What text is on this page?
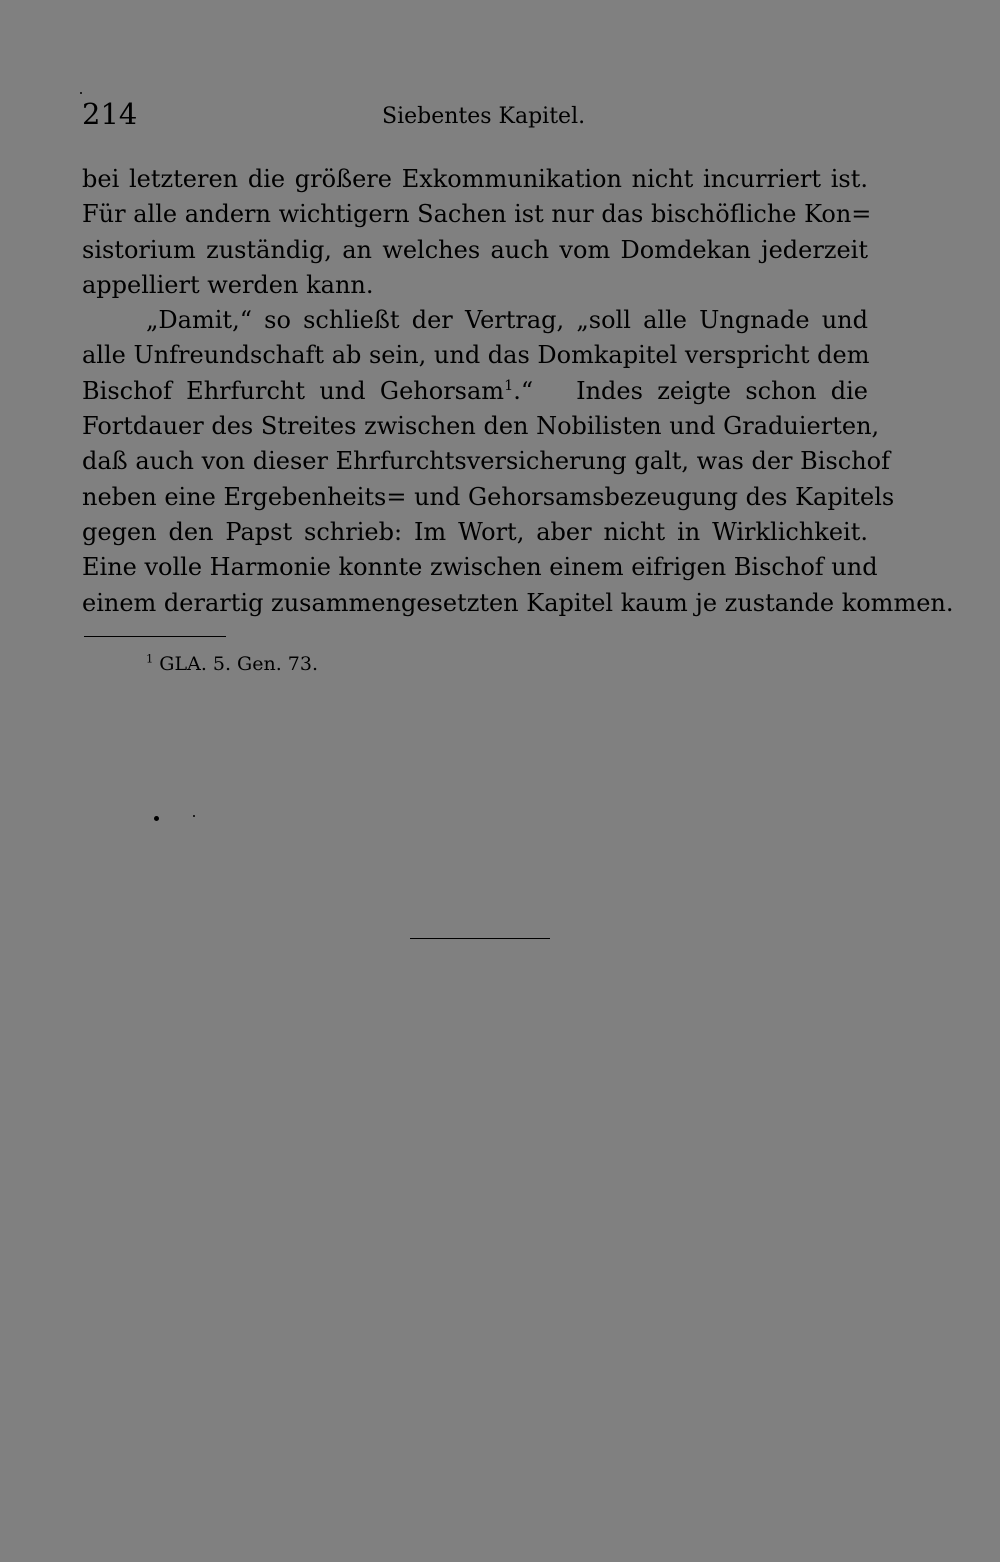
214	Siebentes Kapitel.
bei letzteren die größere Exkommunikation nicht incurriert ist.
Für alle andern wichtigern Sachen ist nur das bischöfliche Kon=
sistorium zuständig, an welches auch vom Domdekan jederzeit
appelliert werden kann.
„Damit,“ so schließt der Vertrag, „soll alle Ungnade und
alle Unfreundschaft ab sein, und das Domkapitel verspricht dem
Bischof Ehrfurcht und Gehorsam$^1$.“ Indes zeigte schon die
Fortdauer des Streites zwischen den Nobilisten und Graduierten,
daß auch von dieser Ehrfurchtsversicherung galt, was der Bischof
neben eine Ergebenheits= und Gehorsamsbezeugung des Kapitels
gegen den Papst schrieb: Im Wort, aber nicht in Wirklichkeit.
Eine volle Harmonie konnte zwischen einem eifrigen Bischof und
einem derartig zusammengesetzten Kapitel kaum je zustande kommen.
$^1$ GLA. 5. Gen. 73.
